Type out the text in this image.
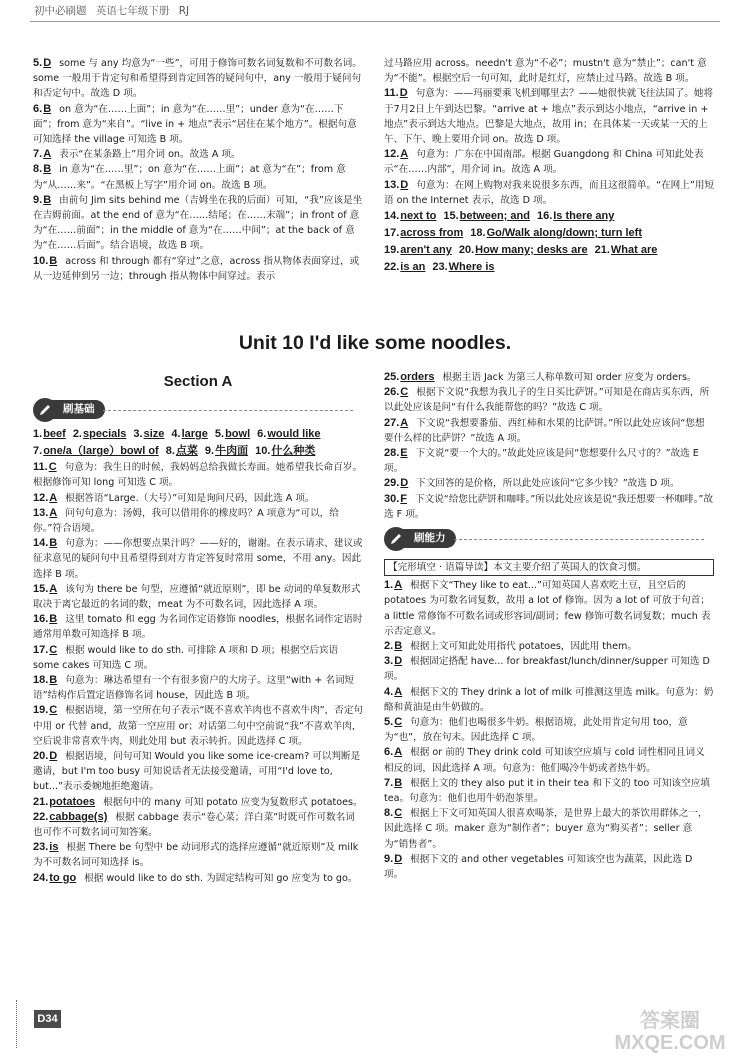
初中必刷题 英语七年级下册 RJ

5.D some 与 any 均意为“一些”，可用于修饰可数名词复数和不可数名词。some 一般用于肯定句和希望得到肯定回答的疑问句中，any 一般用于疑问句和否定句中。故选 D 项。

6.B on 意为“在……上面”；in 意为“在……里”；under 意为“在……下面”；from 意为“来自”。“live in + 地点”表示“居住在某个地方”。根据句意可知选择 the village 可知选 B 项。

7.A 表示“在某条路上”用介词 on。故选 A 项。

8.B in 意为“在……里”；on 意为“在……上面”；at 意为“在”；from 意为“从……来”。“在黑板上写字”用介词 on。故选 B 项。

9.B 由前句 Jim sits behind me（吉姆坐在我的后面）可知，“我”应该是坐在吉姆前面。at the end of 意为“在……结尾；在……末端”；in front of 意为“在……前面”；in the middle of 意为“在……中间”；at the back of 意为“在……后面”。结合语境，故选 B 项。

10.B across 和 through 都有“穿过”之意，across 指从物体表面穿过，或从一边延伸到另一边；through 指从物体中间穿过。表示

过马路应用 across。needn't 意为“不必”；mustn't 意为“禁止”；can't 意为“不能”。根据空后一句可知，此时是红灯，应禁止过马路。故选 B 项。

11.D 句意为：——玛丽要乘飞机到哪里去？——她很快就飞往法国了。她将于7月2日上午到达巴黎。“arrive at + 地点”表示到达小地点，“arrive in + 地点”表示到达大地点。巴黎是大地点，故用 in；在具体某一天或某一天的上午、下午、晚上要用介词 on。故选 D 项。

12.A 句意为：广东在中国南部。根据 Guangdong 和 China 可知此处表示“在……内部”，用介词 in。故选 A 项。

13.D 句意为：在网上购物对我来说很多东西，而且这很简单。“在网上”用短语 on the Internet 表示，故选 D 项。

14.next to 15.between; and 16.Is there any

17.across from 18.Go/Walk along/down; turn left

19.aren't any 20.How many; desks are 21.What are

22.is an 23.Where is

Unit 10 I'd like some noodles.
Section A
刷基础

1.beef 2.specials 3.size 4.large 5.bowl 6.would like

7.one/a（large）bowl of 8.点菜 9.牛肉面 10.什么种类

11.C 句意为：我生日的时候，我妈妈总给我做长寿面。她希望我长命百岁。根据修饰可知 long 可知选 C 项。

12.A 根据答语“Large.（大号）”可知是询问尺码，因此选 A 项。

13.A 问句句意为：汤姆，我可以借用你的橡皮吗？A 项意为“可以，给你。”符合语境。

14.B 句意为：——你想要点果汁吗？——好的，谢谢。在表示请求、建议或征求意见的疑问句中且希望得到对方肯定答复时常用 some，不用 any。因此选择 B 项。

15.A 该句为 there be 句型，应遵循“就近原则”，即 be 动词的单复数形式取决于离它最近的名词的数，meat 为不可数名词，因此选择 A 项。

16.B 这里 tomato 和 egg 为名词作定语修饰 noodles，根据名词作定语时通常用单数可知选择 B 项。

17.C 根据 would like to do sth. 可排除 A 项和 D 项；根据空后宾语 some cakes 可知选 C 项。

18.B 句意为：琳达希望有一个有很多窗户的大房子。这里“with + 名词短语”结构作后置定语修饰名词 house，因此选 B 项。

19.C 根据语境，第一空所在句子表示“既不喜欢羊肉也不喜欢牛肉”，否定句中用 or 代替 and，故第一空应用 or；对话第二句中空前说“我”不喜欢羊肉，空后说非常喜欢牛肉，则此处用 but 表示转折。因此选择 C 项。

20.D 根据语境，问句可知 Would you like some ice-cream? 可以判断是邀请，but I'm too busy 可知说话者无法接受邀请，可用“I'd love to, but...”表示委婉地拒绝邀请。

21.potatoes 根据句中的 many 可知 potato 应变为复数形式 potatoes。

22.cabbage(s) 根据 cabbage 表示“卷心菜；洋白菜”时既可作可数名词也可作不可数名词可知答案。

23.is 根据 There be 句型中 be 动词形式的选择应遵循“就近原则”及 milk 为不可数名词可知选择 is。

24.to go 根据 would like to do sth. 为固定结构可知 go 应变为 to go。

25.orders 根据主语 Jack 为第三人称单数可知 order 应变为 orders。

26.C 根据下文说“我想为我儿子的生日买比萨饼。”可知是在商店买东西，所以此处应该是问“有什么我能帮您的吗？”故选 C 项。

27.A 下文说“我想要番茄、西红柿和水果的比萨饼。”所以此处应该问“您想要什么样的比萨饼？”故选 A 项。

28.E 下文说“要一个大的。”故此处应该是问“您想要什么尺寸的？”故选 E 项。

29.D 下文回答的是价格，所以此处应该问“它多少钱？”故选 D 项。

30.F 下文说“给您比萨饼和咖啡。”所以此处应该是说“我还想要一杯咖啡。”故选 F 项。

刷能力
【完形填空 · 语篇导读】本文主要介绍了英国人的饮食习惯。

1.A 根据下文“They like to eat...”可知英国人喜欢吃土豆，且空后的 potatoes 为可数名词复数，故用 a lot of 修饰。因为 a lot of 可放于句首；a little 常修饰不可数名词或形容词/副词；few 修饰可数名词复数；much 表示否定意义。

2.B 根据上文可知此处用指代 potatoes，因此用 them。

3.D 根据固定搭配 have... for breakfast/lunch/dinner/supper 可知选 D 项。

4.A 根据下文的 They drink a lot of milk 可推测这里选 milk。句意为：奶酪和黄油是由牛奶做的。

5.C 句意为：他们也喝很多牛奶。根据语境，此处用肯定句用 too，意为“也”，放在句末。因此选择 C 项。

6.A 根据 or 前的 They drink cold 可知该空应填与 cold 词性相同且词义相反的词，因此选择 A 项。句意为：他们喝冷牛奶或者热牛奶。

7.B 根据上文的 they also put it in their tea 和下文的 too 可知该空应填 tea。句意为：他们也用牛奶泡茶里。

8.C 根据上下文可知英国人很喜欢喝茶，是世界上最大的茶饮用群体之一，因此选择 C 项。maker 意为“制作者”；buyer 意为“购买者”；seller 意为“销售者”。

9.D 根据下文的 and other vegetables 可知该空也为蔬菜，因此选 D 项。

D34	答案圈
MXQE.COM
